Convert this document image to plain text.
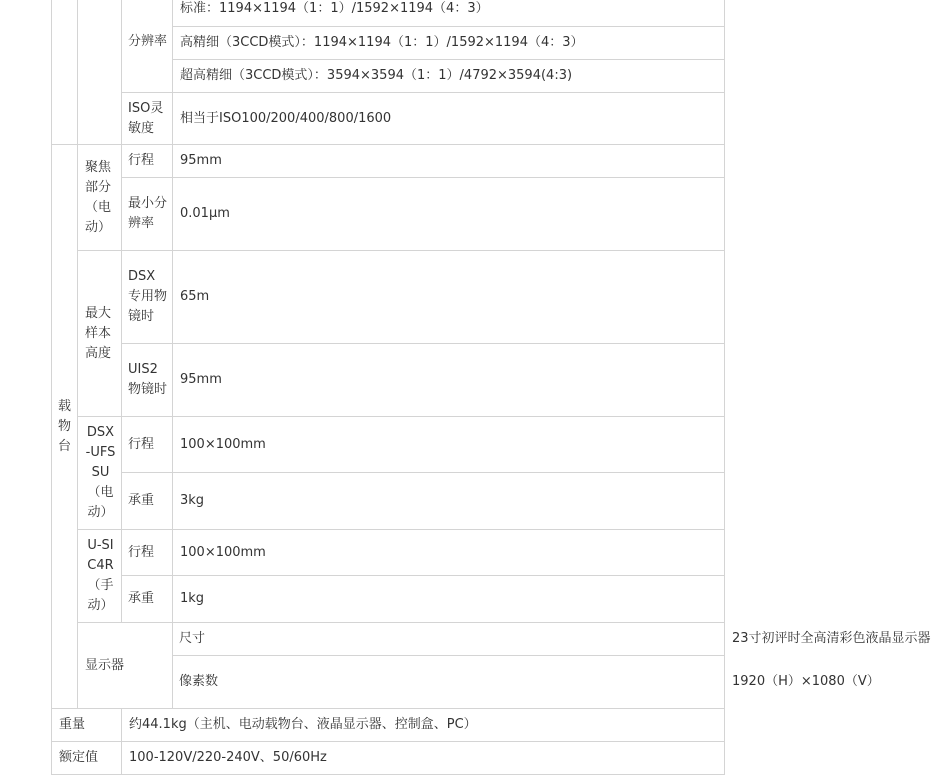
		分辨率	标准：1194×1194（1：1）/1592×1194（4：3）	
			高精细（3CCD模式）：1194×1194（1：1）/1592×1194（4：3）	
			超高精细（3CCD模式）：3594×3594（1：1）/4792×3594(4:3)	
		ISO灵敏度	相当于ISO100/200/400/800/1600	
载物台	聚焦部分（电动）	行程	95mm	
		最小分辨率	0.01μm	
	最大样本高度	DSX专用物镜时	65m	
		UIS2物镜时	95mm	
	DSX-UFSSU（电动）	行程	100×100mm	
		承重	3kg	
	U-SIC4R（手动）	行程	100×100mm	
		承重	1kg	
	显示器		尺寸	23寸初评时全高清彩色液晶显示器
			像素数	1920（H）×1080（V）
重量		约44.1kg（主机、电动载物台、液晶显示器、控制盒、PC）		
额定值		100-120V/220-240V、50/60Hz		
